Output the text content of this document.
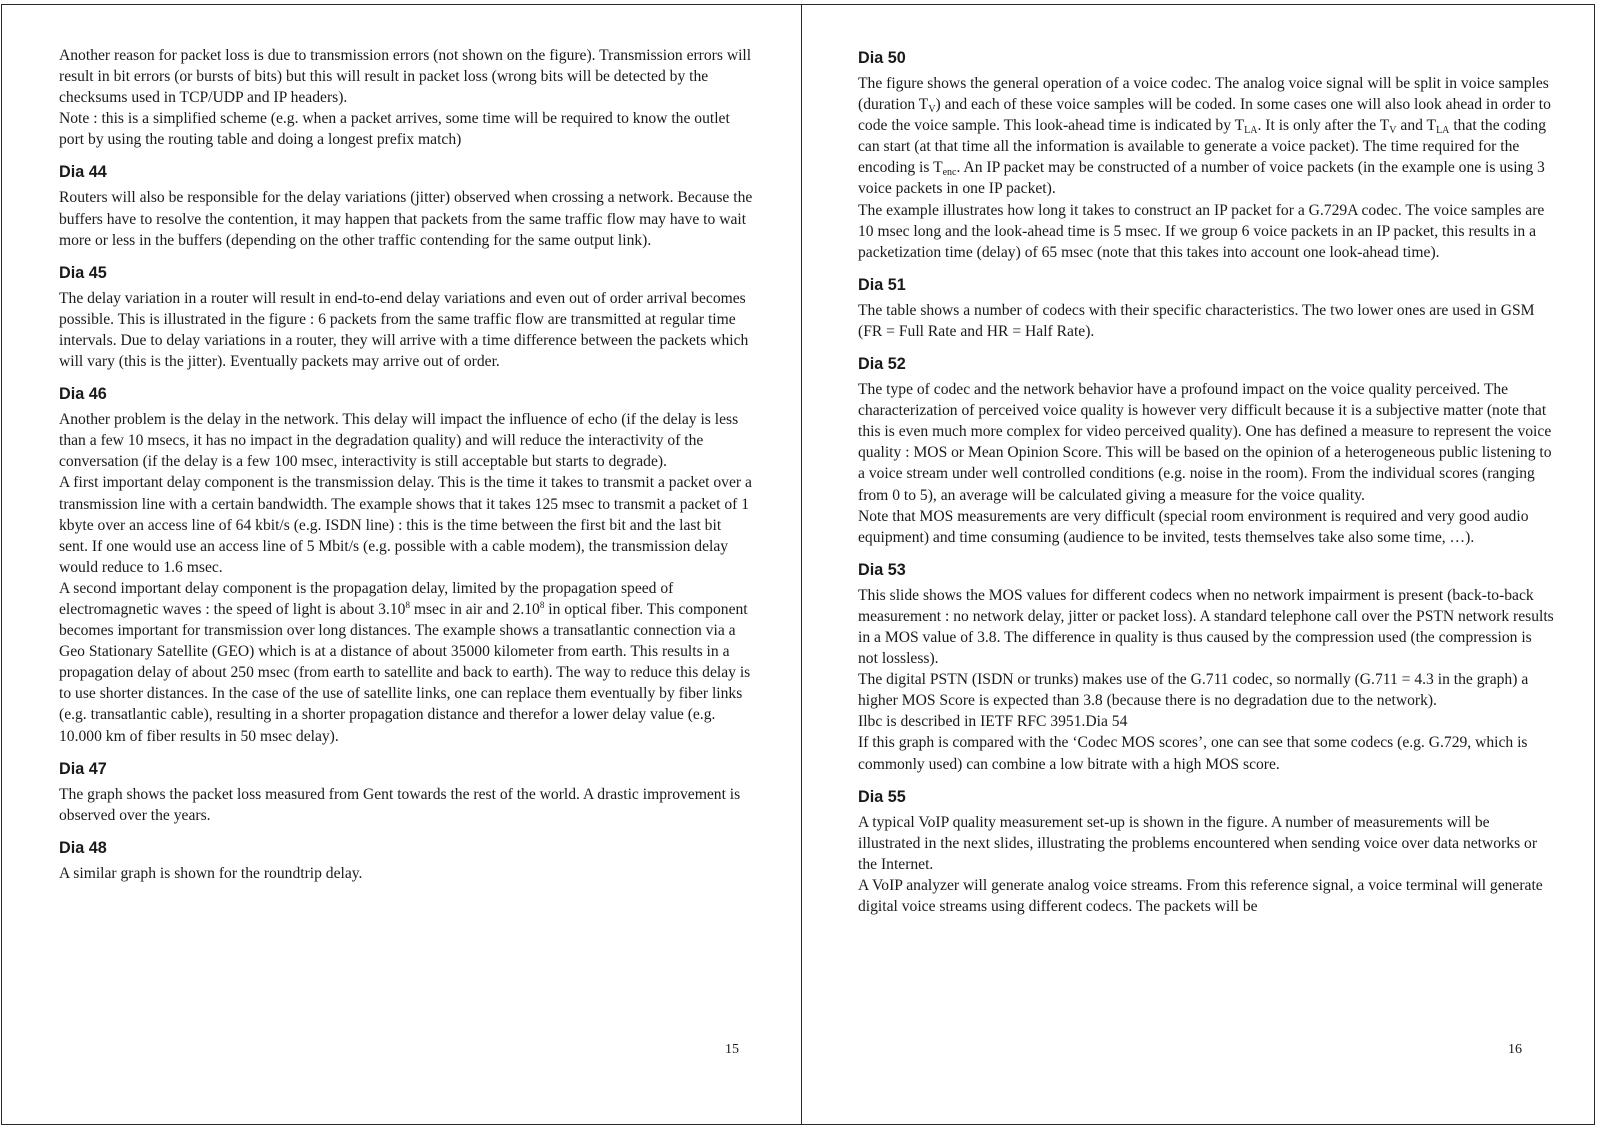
Another reason for packet loss is due to transmission errors (not shown on the figure). Transmission errors will result in bit errors (or bursts of bits) but this will result in packet loss (wrong bits will be detected by the checksums used in TCP/UDP and IP headers).

Note : this is a simplified scheme (e.g. when a packet arrives, some time will be required to know the outlet port by using the routing table and doing a longest prefix match)

Dia 44

Routers will also be responsible for the delay variations (jitter) observed when crossing a network. Because the buffers have to resolve the contention, it may happen that packets from the same traffic flow may have to wait more or less in the buffers (depending on the other traffic contending for the same output link).

Dia 45

The delay variation in a router will result in end-to-end delay variations and even out of order arrival becomes possible. This is illustrated in the figure : 6 packets from the same traffic flow are transmitted at regular time intervals. Due to delay variations in a router, they will arrive with a time difference between the packets which will vary (this is the jitter). Eventually packets may arrive out of order.

Dia 46

Another problem is the delay in the network. This delay will impact the influence of echo (if the delay is less than a few 10 msecs, it has no impact in the degradation quality) and will reduce the interactivity of the conversation (if the delay is a few 100 msec, interactivity is still acceptable but starts to degrade).

A first important delay component is the transmission delay. This is the time it takes to transmit a packet over a transmission line with a certain bandwidth. The example shows that it takes 125 msec to transmit a packet of 1 kbyte over an access line of 64 kbit/s (e.g. ISDN line) : this is the time between the first bit and the last bit sent. If one would use an access line of 5 Mbit/s (e.g. possible with a cable modem), the transmission delay would reduce to 1.6 msec.

A second important delay component is the propagation delay, limited by the propagation speed of electromagnetic waves : the speed of light is about 3.10$^8$ msec in air and 2.10$^8$ in optical fiber. This component becomes important for transmission over long distances. The example shows a transatlantic connection via a Geo Stationary Satellite (GEO) which is at a distance of about 35000 kilometer from earth. This results in a propagation delay of about 250 msec (from earth to satellite and back to earth). The way to reduce this delay is to use shorter distances. In the case of the use of satellite links, one can replace them eventually by fiber links (e.g. transatlantic cable), resulting in a shorter propagation distance and therefor a lower delay value (e.g. 10.000 km of fiber results in 50 msec delay).

Dia 47

The graph shows the packet loss measured from Gent towards the rest of the world. A drastic improvement is observed over the years.

Dia 48

A similar graph is shown for the roundtrip delay.

15
Dia 50

The figure shows the general operation of a voice codec. The analog voice signal will be split in voice samples (duration $T_V$) and each of these voice samples will be coded. In some cases one will also look ahead in order to code the voice sample. This look-ahead time is indicated by $T_{LA}$. It is only after the $T_V$ and $T_{LA}$ that the coding can start (at that time all the information is available to generate a voice packet). The time required for the encoding is $T_{enc}$. An IP packet may be constructed of a number of voice packets (in the example one is using 3 voice packets in one IP packet).

The example illustrates how long it takes to construct an IP packet for a G.729A codec. The voice samples are 10 msec long and the look-ahead time is 5 msec. If we group 6 voice packets in an IP packet, this results in a packetization time (delay) of 65 msec (note that this takes into account one look-ahead time).

Dia 51

The table shows a number of codecs with their specific characteristics. The two lower ones are used in GSM (FR = Full Rate and HR = Half Rate).

Dia 52

The type of codec and the network behavior have a profound impact on the voice quality perceived. The characterization of perceived voice quality is however very difficult because it is a subjective matter (note that this is even much more complex for video perceived quality). One has defined a measure to represent the voice quality : MOS or Mean Opinion Score. This will be based on the opinion of a heterogeneous public listening to a voice stream under well controlled conditions (e.g. noise in the room). From the individual scores (ranging from 0 to 5), an average will be calculated giving a measure for the voice quality.

Note that MOS measurements are very difficult (special room environment is required and very good audio equipment) and time consuming (audience to be invited, tests themselves take also some time, …).

Dia 53

This slide shows the MOS values for different codecs when no network impairment is present (back-to-back measurement : no network delay, jitter or packet loss). A standard telephone call over the PSTN network results in a MOS value of 3.8. The difference in quality is thus caused by the compression used (the compression is not lossless).

The digital PSTN (ISDN or trunks) makes use of the G.711 codec, so normally (G.711 = 4.3 in the graph) a higher MOS Score is expected than 3.8 (because there is no degradation due to the network).

Ilbc is described in IETF RFC 3951.Dia 54

If this graph is compared with the ‘Codec MOS scores’, one can see that some codecs (e.g. G.729, which is commonly used) can combine a low bitrate with a high MOS score.

Dia 55

A typical VoIP quality measurement set-up is shown in the figure. A number of measurements will be illustrated in the next slides, illustrating the problems encountered when sending voice over data networks or the Internet.

A VoIP analyzer will generate analog voice streams. From this reference signal, a voice terminal will generate digital voice streams using different codecs. The packets will be

16
